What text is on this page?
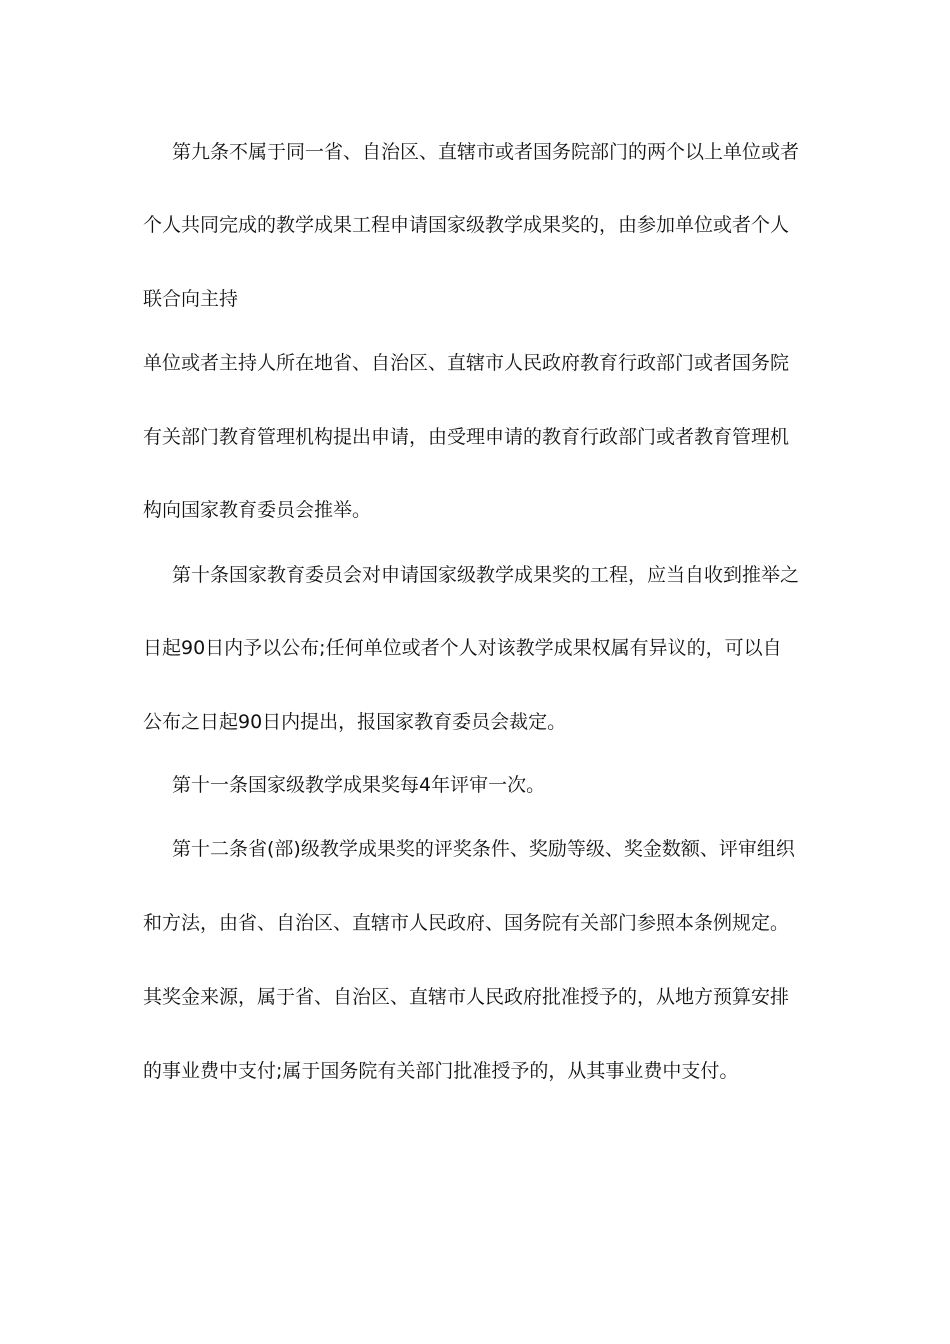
第九条不属于同一省、自治区、直辖市或者国务院部门的两个以上单位或者
个人共同完成的教学成果工程申请国家级教学成果奖的，由参加单位或者个人
联合向主持
单位或者主持人所在地省、自治区、直辖市人民政府教育行政部门或者国务院
有关部门教育管理机构提出申请，由受理申请的教育行政部门或者教育管理机
构向国家教育委员会推举。
第十条国家教育委员会对申请国家级教学成果奖的工程，应当自收到推举之
日起90日内予以公布;任何单位或者个人对该教学成果权属有异议的，可以自
公布之日起90日内提出，报国家教育委员会裁定。
第十一条国家级教学成果奖每4年评审一次。
第十二条省(部)级教学成果奖的评奖条件、奖励等级、奖金数额、评审组织
和方法，由省、自治区、直辖市人民政府、国务院有关部门参照本条例规定。
其奖金来源，属于省、自治区、直辖市人民政府批准授予的，从地方预算安排
的事业费中支付;属于国务院有关部门批准授予的，从其事业费中支付。
